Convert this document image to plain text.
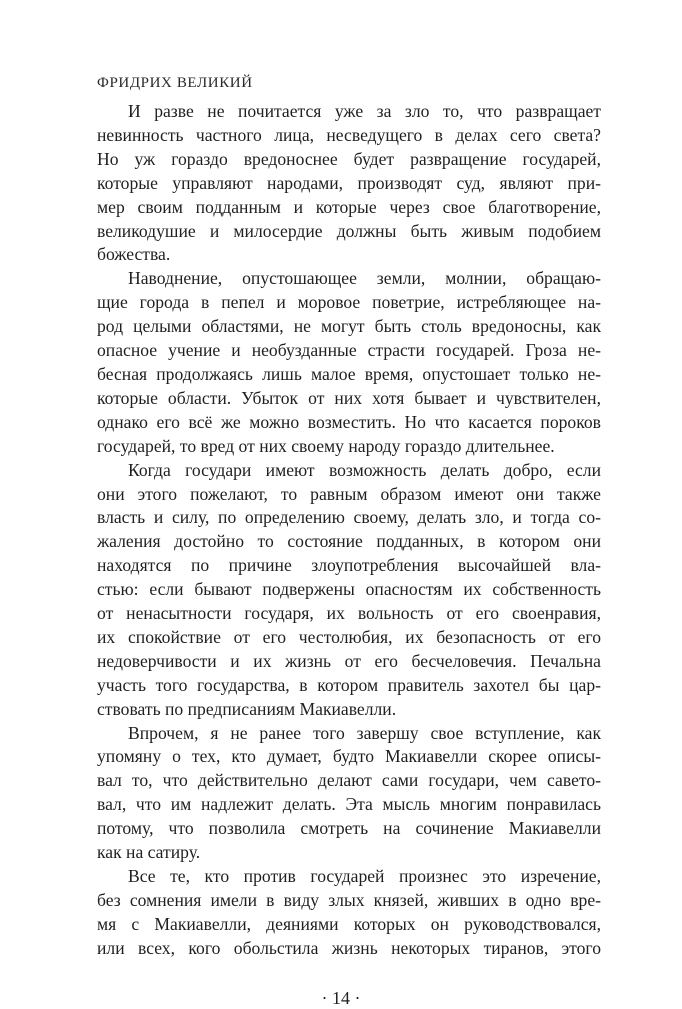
ФРИДРИХ ВЕЛИКИЙ
И разве не почитается уже за зло то, что развращает
невинность частного лица, несведущего в делах сего света?
Но уж гораздо вредоноснее будет развращение государей,
которые управляют народами, производят суд, являют при-
мер своим подданным и которые через свое благотворение,
великодушие и милосердие должны быть живым подобием
божества.
Наводнение, опустошающее земли, молнии, обращаю-
щие города в пепел и моровое поветрие, истребляющее на-
род целыми областями, не могут быть столь вредоносны, как
опасное учение и необузданные страсти государей. Гроза не-
бесная продолжаясь лишь малое время, опустошает только не-
которые области. Убыток от них хотя бывает и чувствителен,
однако его всё же можно возместить. Но что касается пороков
государей, то вред от них своему народу гораздо длительнее.
Когда государи имеют возможность делать добро, если
они этого пожелают, то равным образом имеют они также
власть и силу, по определению своему, делать зло, и тогда со-
жаления достойно то состояние подданных, в котором они
находятся по причине злоупотребления высочайшей вла-
стью: если бывают подвержены опасностям их собственность
от ненасытности государя, их вольность от его своенравия,
их спокойствие от его честолюбия, их безопасность от его
недоверчивости и их жизнь от его бесчеловечия. Печальна
участь того государства, в котором правитель захотел бы цар-
ствовать по предписаниям Макиавелли.
Впрочем, я не ранее того завершу свое вступление, как
упомяну о тех, кто думает, будто Макиавелли скорее описы-
вал то, что действительно делают сами государи, чем савето-
вал, что им надлежит делать. Эта мысль многим понравилась
потому, что позволила смотреть на сочинение Макиавелли
как на сатиру.
Все те, кто против государей произнес это изречение,
без сомнения имели в виду злых князей, живших в одно вре-
мя с Макиавелли, деяниями которых он руководствовался,
или всех, кого обольстила жизнь некоторых тиранов, этого
· 14 ·
